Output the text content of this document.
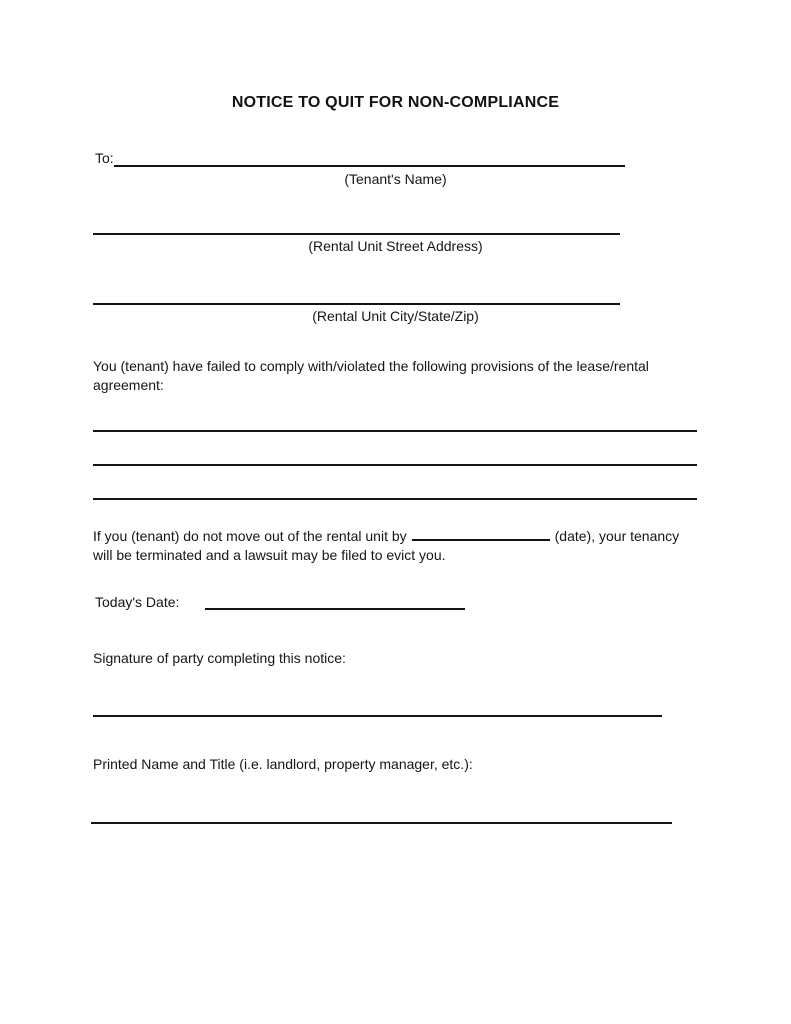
NOTICE TO QUIT FOR NON-COMPLIANCE
To:
(Tenant's Name)
(Rental Unit Street Address)
(Rental Unit City/State/Zip)
You (tenant) have failed to comply with/violated the following provisions of the lease/rental agreement:
If you (tenant) do not move out of the rental unit by	(date), your tenancy will be terminated and a lawsuit may be filed to evict you.
Today's Date:
Signature of party completing this notice:
Printed Name and Title (i.e. landlord, property manager, etc.):
